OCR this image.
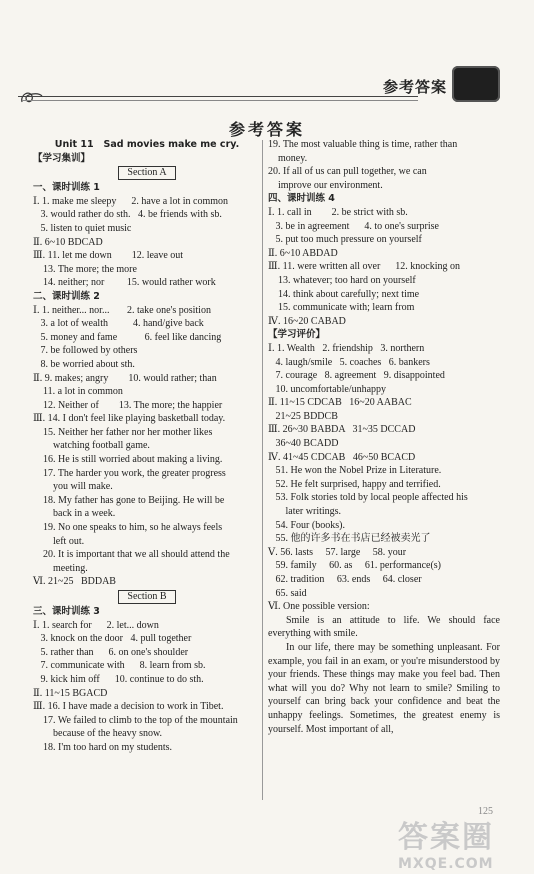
参考答案
参考答案
Unit 11   Sad movies make me cry.
【学习集训】
Section A
一、课时训练 1
Ⅰ. 1. make me sleepy      2. have a lot in common
3. would rather do sth.   4. be friends with sb.
5. listen to quiet music
Ⅱ. 6~10 BDCAD
Ⅲ. 11. let me down        12. leave out
13. The more; the more
14. neither; nor         15. would rather work
二、课时训练 2
Ⅰ. 1. neither... nor...       2. take one's position
3. a lot of wealth          4. hand/give back
5. money and fame           6. feel like dancing
7. be followed by others
8. be worried about sth.
Ⅱ. 9. makes; angry        10. would rather; than
11. a lot in common
12. Neither of        13. The more; the happier
Ⅲ. 14. I don't feel like playing basketball today.
15. Neither her father nor her mother likes
watching football game.
16. He is still worried about making a living.
17. The harder you work, the greater progress
you will make.
18. My father has gone to Beijing. He will be
back in a week.
19. No one speaks to him, so he always feels
left out.
20. It is important that we all should attend the
meeting.
Ⅵ. 21~25   BDDAB
Section B
三、课时训练 3
Ⅰ. 1. search for      2. let... down
3. knock on the door   4. pull together
5. rather than      6. on one's shoulder
7. communicate with      8. learn from sb.
9. kick him off      10. continue to do sth.
Ⅱ. 11~15 BGACD
Ⅲ. 16. I have made a decision to work in Tibet.
17. We failed to climb to the top of the mountain
because of the heavy snow.
18. I'm too hard on my students.
19. The most valuable thing is time, rather than
money.
20. If all of us can pull together, we can
improve our environment.
四、课时训练 4
Ⅰ. 1. call in        2. be strict with sb.
3. be in agreement      4. to one's surprise
5. put too much pressure on yourself
Ⅱ. 6~10 ABDAD
Ⅲ. 11. were written all over      12. knocking on
13. whatever; too hard on yourself
14. think about carefully; next time
15. communicate with; learn from
Ⅳ. 16~20 CABAD
【学习评价】
Ⅰ. 1. Wealth   2. friendship   3. northern
4. laugh/smile   5. coaches   6. bankers
7. courage   8. agreement   9. disappointed
10. uncomfortable/unhappy
Ⅱ. 11~15 CDCAB   16~20 AABAC
21~25 BDDCB
Ⅲ. 26~30 BABDA   31~35 DCCAD
36~40 BCADD
Ⅳ. 41~45 CDCAB   46~50 BCACD
51. He won the Nobel Prize in Literature.
52. He felt surprised, happy and terrified.
53. Folk stories told by local people affected his
later writings.
54. Four (books).
55. 他的许多书在书店已经被卖光了
Ⅴ. 56. lasts     57. large     58. your
59. family     60. as     61. performance(s)
62. tradition     63. ends     64. closer
65. said
Ⅵ. One possible version:
Smile is an attitude to life. We should face everything with smile.
In our life, there may be something unpleasant. For example, you fail in an exam, or you're misunderstood by your friends. These things may make you feel bad. Then what will you do? Why not learn to smile? Smiling to yourself can bring back your confidence and beat the unhappy feelings. Sometimes, the greatest enemy is yourself. Most important of all,
125
答案圈
MXQE.COM
